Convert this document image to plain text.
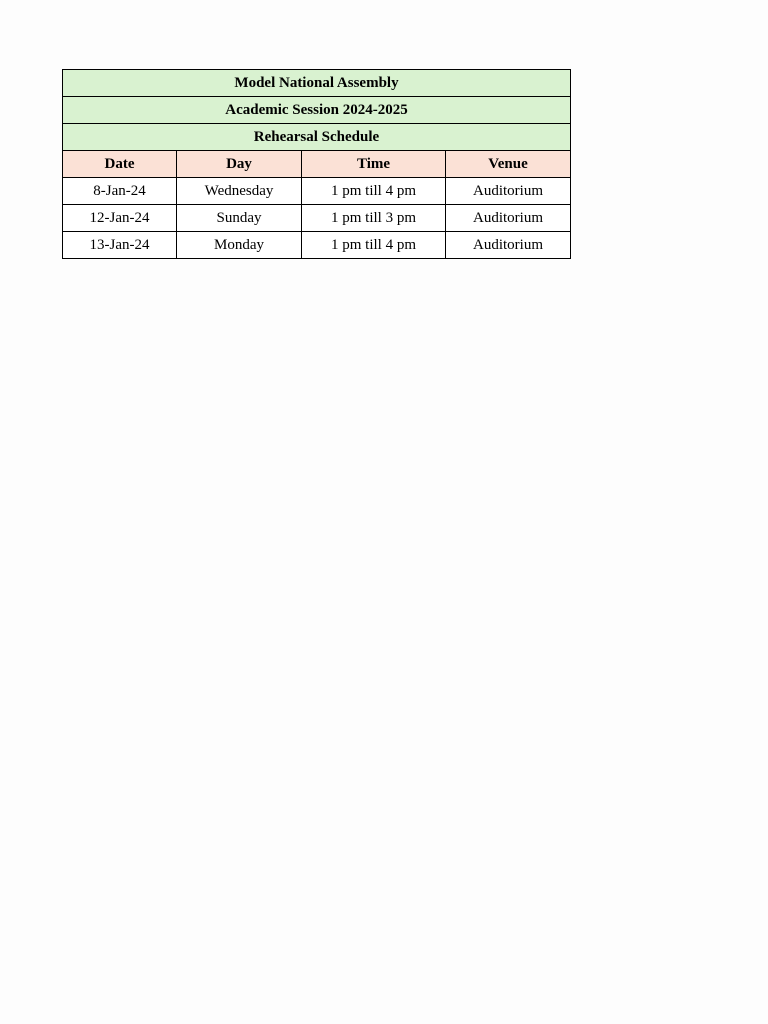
Model National Assembly			
Academic Session 2024-2025			
Rehearsal Schedule			
Date	Day	Time	Venue
8-Jan-24	Wednesday	1 pm till 4 pm	Auditorium
12-Jan-24	Sunday	1 pm till 3 pm	Auditorium
13-Jan-24	Monday	1 pm till 4 pm	Auditorium
